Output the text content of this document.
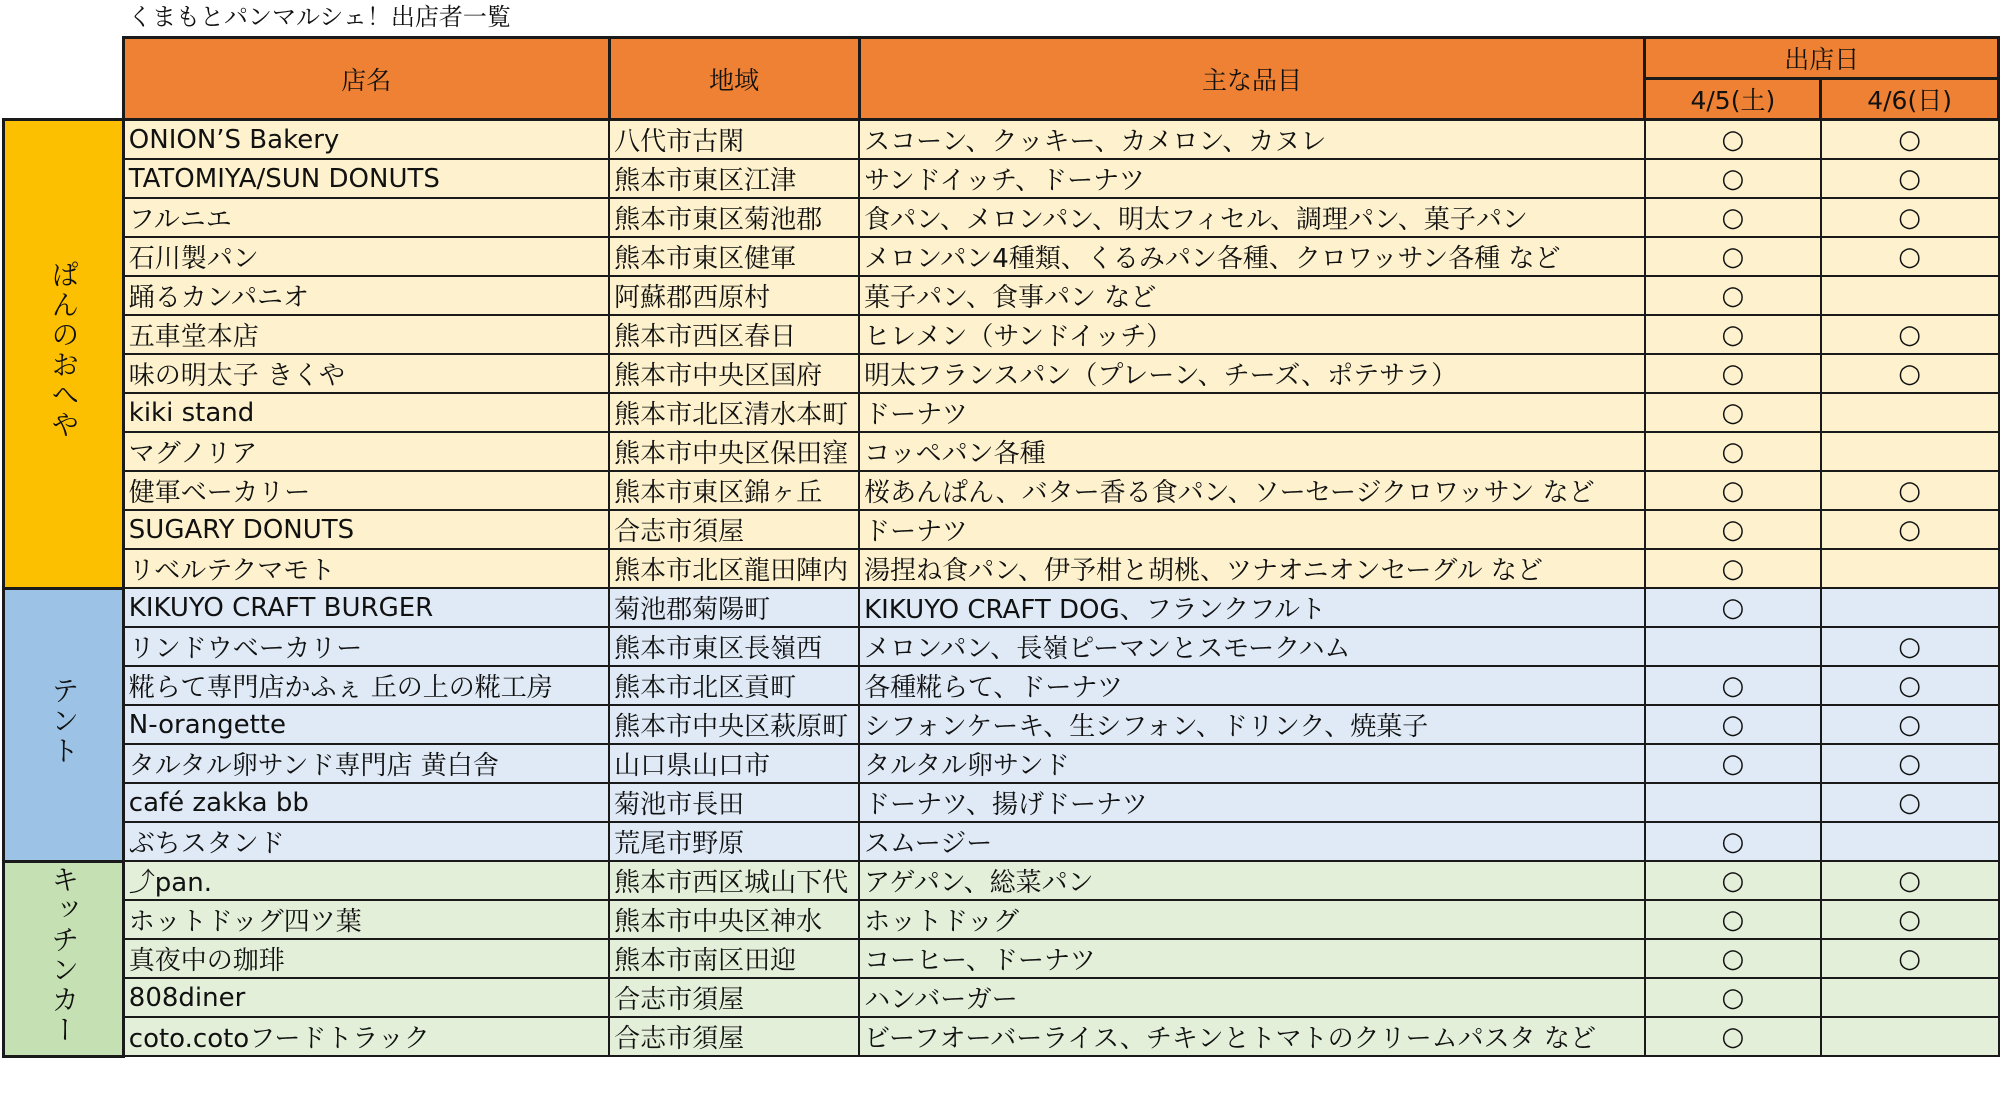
くまもとパンマルシェ！出店者一覧
	店名	地域	主な品目	出店日	
				4/5(土)	4/6(日)
ぱんのおへや	ONION’S Bakery	八代市古閑	スコーン、クッキー、カメロン、カヌレ	○	○
	TATOMIYA/SUN DONUTS	熊本市東区江津	サンドイッチ、ドーナツ	○	○
	フルニエ	熊本市東区菊池郡	食パン、メロンパン、明太フィセル、調理パン、菓子パン	○	○
	石川製パン	熊本市東区健軍	メロンパン4種類、くるみパン各種、クロワッサン各種 など	○	○
	踊るカンパニオ	阿蘇郡西原村	菓子パン、食事パン など	○	
	五車堂本店	熊本市西区春日	ヒレメン（サンドイッチ）	○	○
	味の明太子 きくや	熊本市中央区国府	明太フランスパン（プレーン、チーズ、ポテサラ）	○	○
	kiki stand	熊本市北区清水本町	ドーナツ	○	
	マグノリア	熊本市中央区保田窪	コッペパン各種	○	
	健軍ベーカリー	熊本市東区錦ヶ丘	桜あんぱん、バター香る食パン、ソーセージクロワッサン など	○	○
	SUGARY DONUTS	合志市須屋	ドーナツ	○	○
	リベルテクマモト	熊本市北区龍田陣内	湯捏ね食パン、伊予柑と胡桃、ツナオニオンセーグル など	○	
テント	KIKUYO CRAFT BURGER	菊池郡菊陽町	KIKUYO CRAFT DOG、フランクフルト	○	
	リンドウベーカリー	熊本市東区長嶺西	メロンパン、長嶺ピーマンとスモークハム		○
	糀らて専門店かふぇ 丘の上の糀工房	熊本市北区貢町	各種糀らて、ドーナツ	○	○
	N-orangette	熊本市中央区萩原町	シフォンケーキ、生シフォン、ドリンク、焼菓子	○	○
	タルタル卵サンド専門店 黄白舎	山口県山口市	タルタル卵サンド	○	○
	café zakka bb	菊池市長田	ドーナツ、揚げドーナツ		○
	ぶちスタンド	荒尾市野原	スムージー	○	
キッチンカー	⤴pan.	熊本市西区城山下代	アゲパン、総菜パン	○	○
	ホットドッグ四ツ葉	熊本市中央区神水	ホットドッグ	○	○
	真夜中の珈琲	熊本市南区田迎	コーヒー、ドーナツ	○	○
	808diner	合志市須屋	ハンバーガー	○	
	coto.cotoフードトラック	合志市須屋	ビーフオーバーライス、チキンとトマトのクリームパスタ など	○	
